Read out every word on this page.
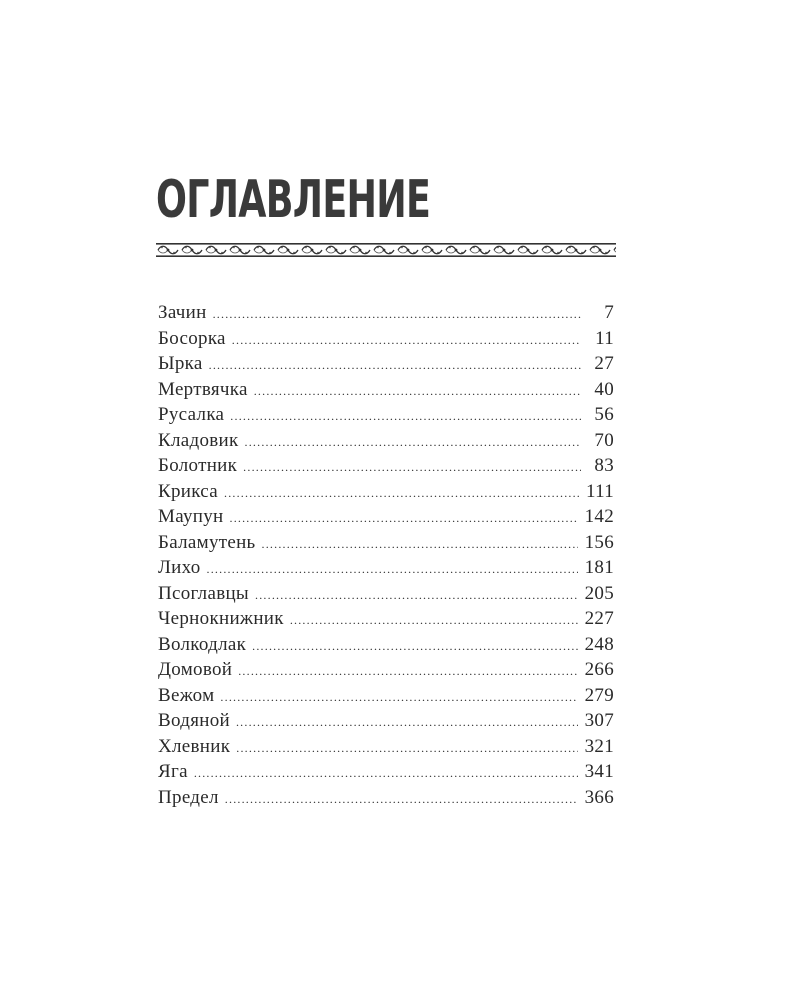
ОГЛАВЛЕНИЕ
Зачин .....	7
Босорка .....	11
Ырка .....	27
Мертвячка .....	40
Русалка .....	56
Кладовик .....	70
Болотник .....	83
Крикса .....	111
Маупун .....	142
Баламутень .....	156
Лихо .....	181
Псоглавцы .....	205
Чернокнижник .....	227
Волкодлак .....	248
Домовой .....	266
Вежом .....	279
Водяной .....	307
Хлевник .....	321
Яга .....	341
Предел .....	366
